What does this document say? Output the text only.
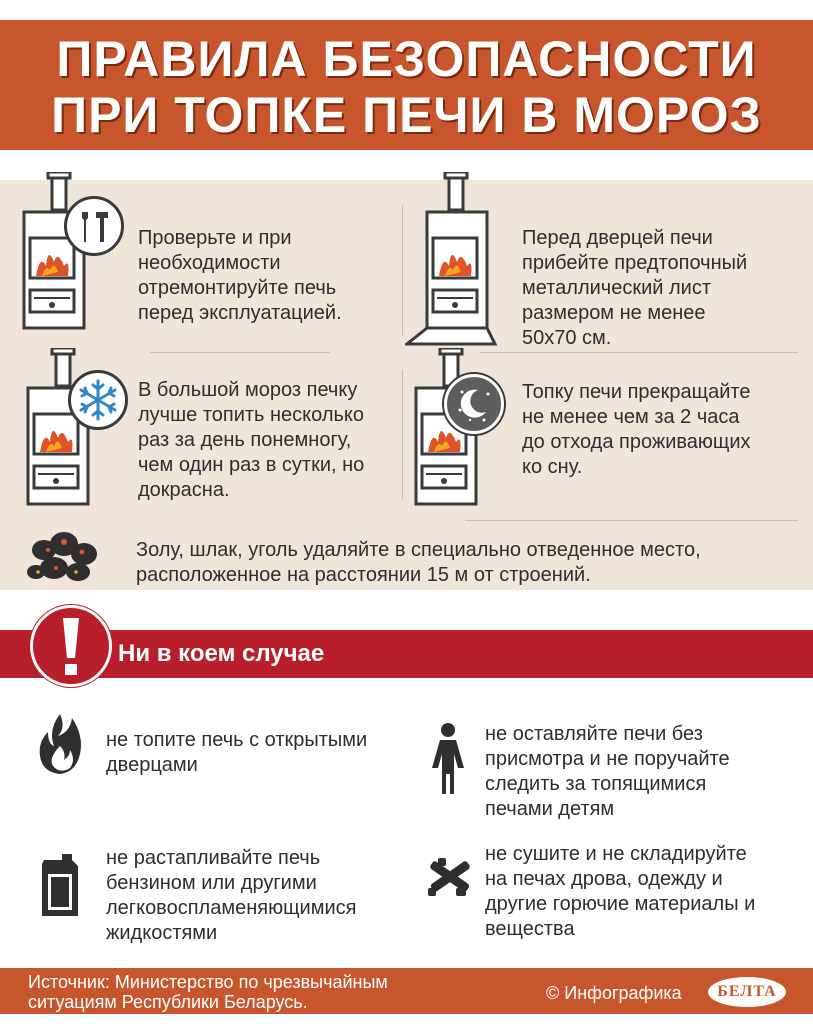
ПРАВИЛА БЕЗОПАСНОСТИ
ПРИ ТОПКЕ ПЕЧИ В МОРОЗ
Проверьте и при
необходимости
отремонтируйте печь
перед эксплуатацией.
Перед дверцей печи
прибейте предтопочный
металлический лист
размером не менее
50х70 см.
В большой мороз печку
лучше топить несколько
раз за день понемногу,
чем один раз в сутки, но
докрасна.
Топку печи прекращайте
не менее чем за 2 часа
до отхода проживающих
ко сну.
Золу, шлак, уголь удаляйте в специально отведенное место,
расположенное на расстоянии 15 м от строений.
Ни в коем случае
не топите печь с открытыми
дверцами
не оставляйте печи без
присмотра и не поручайте
следить за топящимися
печами детям
не растапливайте печь
бензином или другими
легковоспламеняющимися
жидкостями
не сушите и не складируйте
на печах дрова, одежду и
другие горючие материалы и
вещества
Источник: Министерство по чрезвычайным
ситуациям Республики Беларусь.	© Инфографика БЕЛТА
